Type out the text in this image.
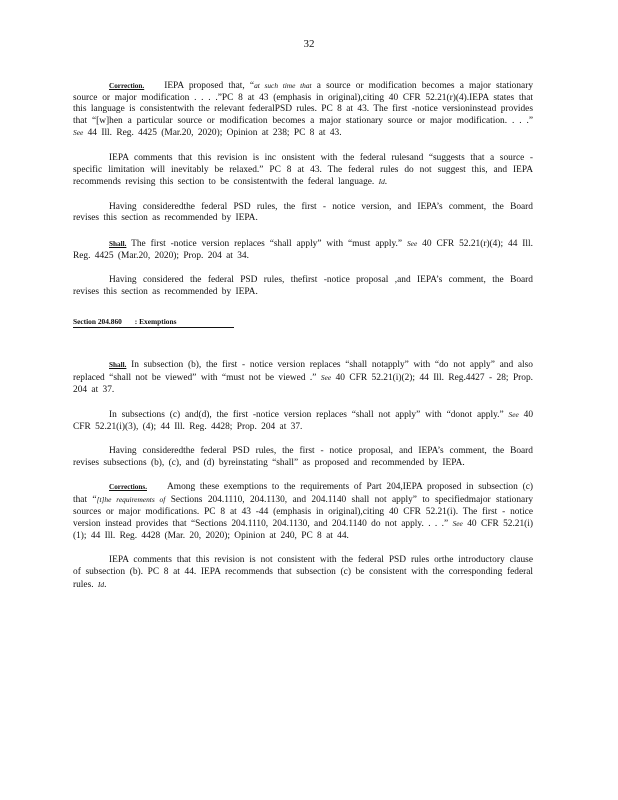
32

Correction. IEPA proposed that, “at such time that a source or modification becomes a major stationary source or major modification . . . .”PC 8 at 43 (emphasis in original),citing 40 CFR 52.21(r)(4).IEPA states that this language is consistentwith the relevant federalPSD rules. PC 8 at 43. The first -notice versioninstead provides that “[w]hen a particular source or modification becomes a major stationary source or major modification. . . .” See 44 Ill. Reg. 4425 (Mar.20, 2020); Opinion at 238; PC 8 at 43.

IEPA comments that this revision is inc onsistent with the federal rulesand “suggests that a source -specific limitation will inevitably be relaxed.” PC 8 at 43. The federal rules do not suggest this, and IEPA recommends revising this section to be consistentwith the federal language. Id.

Having consideredthe federal PSD rules, the first - notice version, and IEPA’s comment, the Board revises this section as recommended by IEPA.

Shall. The first -notice version replaces “shall apply” with “must apply.” See 40 CFR 52.21(r)(4); 44 Ill. Reg. 4425 (Mar.20, 2020); Prop. 204 at 34.

Having considered the federal PSD rules, thefirst -notice proposal ,and IEPA’s comment, the Board revises this section as recommended by IEPA.

Section 204.860 : Exemptions

Shall. In subsection (b), the first - notice version replaces “shall notapply” with “do not apply” and also replaced “shall not be viewed” with “must not be viewed .” See 40 CFR 52.21(i)(2); 44 Ill. Reg.4427 - 28; Prop. 204 at 37.

In subsections (c) and(d), the first -notice version replaces “shall not apply” with “donot apply.” See 40 CFR 52.21(i)(3), (4); 44 Ill. Reg. 4428; Prop. 204 at 37.

Having consideredthe federal PSD rules, the first - notice proposal, and IEPA’s comment, the Board revises subsections (b), (c), and (d) byreinstating “shall” as proposed and recommended by IEPA.

Corrections. Among these exemptions to the requirements of Part 204,IEPA proposed in subsection (c) that “[t]he requirements of Sections 204.1110, 204.1130, and 204.1140 shall not apply” to specifiedmajor stationary sources or major modifications. PC 8 at 43 -44 (emphasis in original),citing 40 CFR 52.21(i). The first - notice version instead provides that “Sections 204.1110, 204.1130, and 204.1140 do not apply. . . .” See 40 CFR 52.21(i)(1); 44 Ill. Reg. 4428 (Mar. 20, 2020); Opinion at 240, PC 8 at 44.

IEPA comments that this revision is not consistent with the federal PSD rules orthe introductory clause of subsection (b). PC 8 at 44. IEPA recommends that subsection (c) be consistent with the corresponding federal rules. Id.
